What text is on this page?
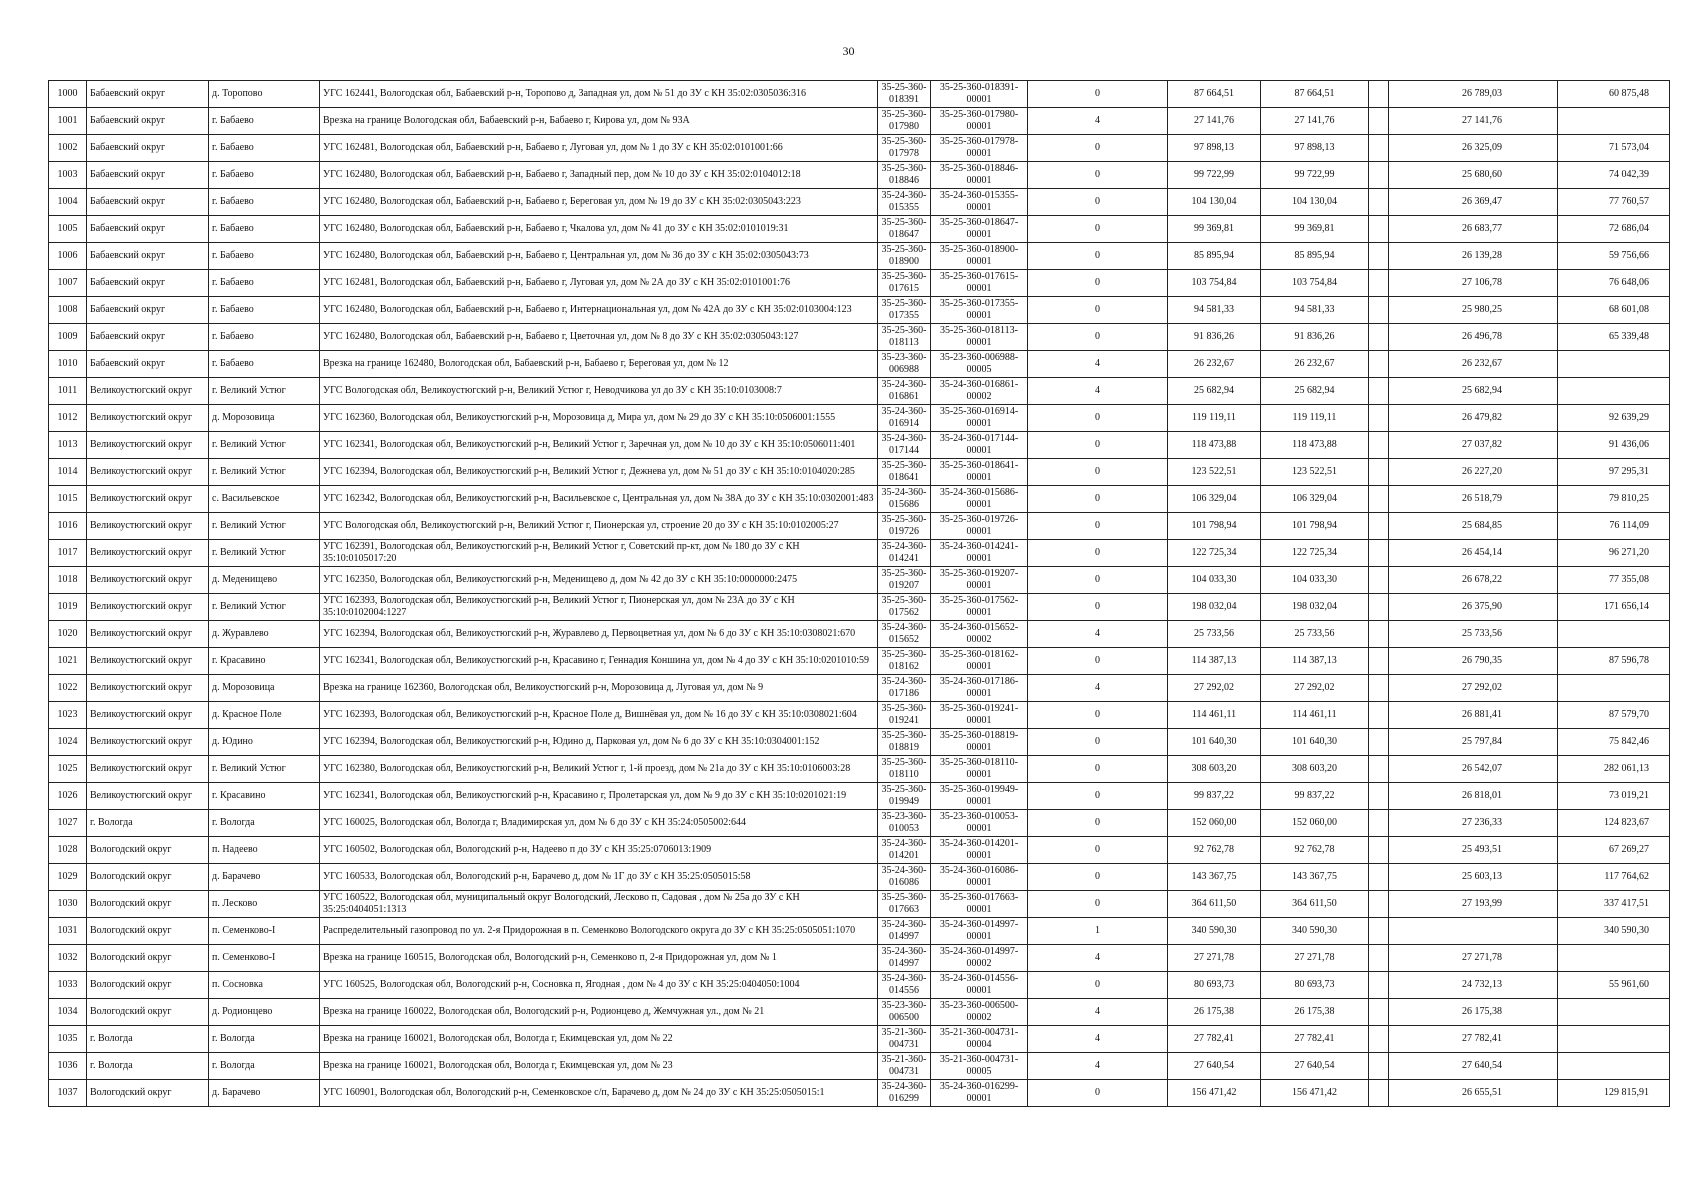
30
1000	Бабаевский округ	д. Торопово	УГС 162441, Вологодская обл, Бабаевский р-н, Торопово д, Западная ул, дом № 51 до ЗУ с КН 35:02:0305036:316	35-25-360-018391	35-25-360-018391-00001	0	87 664,51	87 664,51		26 789,03	60 875,48
1001	Бабаевский округ	г. Бабаево	Врезка на границе Вологодская обл, Бабаевский р-н, Бабаево г, Кирова ул, дом № 93А	35-25-360-017980	35-25-360-017980-00001	4	27 141,76	27 141,76		27 141,76	
1002	Бабаевский округ	г. Бабаево	УГС 162481, Вологодская обл, Бабаевский р-н, Бабаево г, Луговая ул, дом № 1 до ЗУ с КН 35:02:0101001:66	35-25-360-017978	35-25-360-017978-00001	0	97 898,13	97 898,13		26 325,09	71 573,04
1003	Бабаевский округ	г. Бабаево	УГС 162480, Вологодская обл, Бабаевский р-н, Бабаево г, Западный пер, дом № 10 до ЗУ с КН 35:02:0104012:18	35-25-360-018846	35-25-360-018846-00001	0	99 722,99	99 722,99		25 680,60	74 042,39
1004	Бабаевский округ	г. Бабаево	УГС 162480, Вологодская обл, Бабаевский р-н, Бабаево г, Береговая ул, дом № 19 до ЗУ с КН 35:02:0305043:223	35-24-360-015355	35-24-360-015355-00001	0	104 130,04	104 130,04		26 369,47	77 760,57
1005	Бабаевский округ	г. Бабаево	УГС 162480, Вологодская обл, Бабаевский р-н, Бабаево г, Чкалова ул, дом № 41 до ЗУ с КН 35:02:0101019:31	35-25-360-018647	35-25-360-018647-00001	0	99 369,81	99 369,81		26 683,77	72 686,04
1006	Бабаевский округ	г. Бабаево	УГС 162480, Вологодская обл, Бабаевский р-н, Бабаево г, Центральная ул, дом № 36 до ЗУ с КН 35:02:0305043:73	35-25-360-018900	35-25-360-018900-00001	0	85 895,94	85 895,94		26 139,28	59 756,66
1007	Бабаевский округ	г. Бабаево	УГС 162481, Вологодская обл, Бабаевский р-н, Бабаево г, Луговая ул, дом № 2А до ЗУ с КН 35:02:0101001:76	35-25-360-017615	35-25-360-017615-00001	0	103 754,84	103 754,84		27 106,78	76 648,06
1008	Бабаевский округ	г. Бабаево	УГС 162480, Вологодская обл, Бабаевский р-н, Бабаево г, Интернациональная ул, дом № 42А до ЗУ с КН 35:02:0103004:123	35-25-360-017355	35-25-360-017355-00001	0	94 581,33	94 581,33		25 980,25	68 601,08
1009	Бабаевский округ	г. Бабаево	УГС 162480, Вологодская обл, Бабаевский р-н, Бабаево г, Цветочная ул, дом № 8 до ЗУ с КН 35:02:0305043:127	35-25-360-018113	35-25-360-018113-00001	0	91 836,26	91 836,26		26 496,78	65 339,48
1010	Бабаевский округ	г. Бабаево	Врезка на границе 162480, Вологодская обл, Бабаевский р-н, Бабаево г, Береговая ул, дом № 12	35-23-360-006988	35-23-360-006988-00005	4	26 232,67	26 232,67		26 232,67	
1011	Великоустюгский округ	г. Великий Устюг	УГС Вологодская обл, Великоустюгский р-н, Великий Устюг г, Неводчикова ул до ЗУ с КН 35:10:0103008:7	35-24-360-016861	35-24-360-016861-00002	4	25 682,94	25 682,94		25 682,94	
1012	Великоустюгский округ	д. Морозовица	УГС 162360, Вологодская обл, Великоустюгский р-н, Морозовица д, Мира ул, дом № 29 до ЗУ с КН 35:10:0506001:1555	35-24-360-016914	35-25-360-016914-00001	0	119 119,11	119 119,11		26 479,82	92 639,29
1013	Великоустюгский округ	г. Великий Устюг	УГС 162341, Вологодская обл, Великоустюгский р-н, Великий Устюг г, Заречная ул, дом № 10 до ЗУ с КН 35:10:0506011:401	35-24-360-017144	35-24-360-017144-00001	0	118 473,88	118 473,88		27 037,82	91 436,06
1014	Великоустюгский округ	г. Великий Устюг	УГС 162394, Вологодская обл, Великоустюгский р-н, Великий Устюг г, Дежнева ул, дом № 51 до ЗУ с КН 35:10:0104020:285	35-25-360-018641	35-25-360-018641-00001	0	123 522,51	123 522,51		26 227,20	97 295,31
1015	Великоустюгский округ	с. Васильевское	УГС 162342, Вологодская обл, Великоустюгский р-н, Васильевское с, Центральная ул, дом № 38А до ЗУ с КН 35:10:0302001:483	35-24-360-015686	35-24-360-015686-00001	0	106 329,04	106 329,04		26 518,79	79 810,25
1016	Великоустюгский округ	г. Великий Устюг	УГС Вологодская обл, Великоустюгский р-н, Великий Устюг г, Пионерская ул, строение 20 до ЗУ с КН 35:10:0102005:27	35-25-360-019726	35-25-360-019726-00001	0	101 798,94	101 798,94		25 684,85	76 114,09
1017	Великоустюгский округ	г. Великий Устюг	УГС 162391, Вологодская обл, Великоустюгский р-н, Великий Устюг г, Советский пр-кт, дом № 180 до ЗУ с КН 35:10:0105017:20	35-24-360-014241	35-24-360-014241-00001	0	122 725,34	122 725,34		26 454,14	96 271,20
1018	Великоустюгский округ	д. Меденищево	УГС 162350, Вологодская обл, Великоустюгский р-н, Меденищево д, дом № 42 до ЗУ с КН 35:10:0000000:2475	35-25-360-019207	35-25-360-019207-00001	0	104 033,30	104 033,30		26 678,22	77 355,08
1019	Великоустюгский округ	г. Великий Устюг	УГС 162393, Вологодская обл, Великоустюгский р-н, Великий Устюг г, Пионерская ул, дом № 23А до ЗУ с КН 35:10:0102004:1227	35-25-360-017562	35-25-360-017562-00001	0	198 032,04	198 032,04		26 375,90	171 656,14
1020	Великоустюгский округ	д. Журавлево	УГС 162394, Вологодская обл, Великоустюгский р-н, Журавлево д, Первоцветная ул, дом № 6 до ЗУ с КН 35:10:0308021:670	35-24-360-015652	35-24-360-015652-00002	4	25 733,56	25 733,56		25 733,56	
1021	Великоустюгский округ	г. Красавино	УГС 162341, Вологодская обл, Великоустюгский р-н, Красавино г, Геннадия Коншина ул, дом № 4 до ЗУ с КН 35:10:0201010:59	35-25-360-018162	35-25-360-018162-00001	0	114 387,13	114 387,13		26 790,35	87 596,78
1022	Великоустюгский округ	д. Морозовица	Врезка на границе 162360, Вологодская обл, Великоустюгский р-н, Морозовица д, Луговая ул, дом № 9	35-24-360-017186	35-24-360-017186-00001	4	27 292,02	27 292,02		27 292,02	
1023	Великоустюгский округ	д. Красное Поле	УГС 162393, Вологодская обл, Великоустюгский р-н, Красное Поле д, Вишнёвая ул, дом № 16 до ЗУ с КН 35:10:0308021:604	35-25-360-019241	35-25-360-019241-00001	0	114 461,11	114 461,11		26 881,41	87 579,70
1024	Великоустюгский округ	д. Юдино	УГС 162394, Вологодская обл, Великоустюгский р-н, Юдино д, Парковая ул, дом № 6 до ЗУ с КН 35:10:0304001:152	35-25-360-018819	35-25-360-018819-00001	0	101 640,30	101 640,30		25 797,84	75 842,46
1025	Великоустюгский округ	г. Великий Устюг	УГС 162380, Вологодская обл, Великоустюгский р-н, Великий Устюг г, 1-й проезд, дом № 21а до ЗУ с КН 35:10:0106003:28	35-25-360-018110	35-25-360-018110-00001	0	308 603,20	308 603,20		26 542,07	282 061,13
1026	Великоустюгский округ	г. Красавино	УГС 162341, Вологодская обл, Великоустюгский р-н, Красавино г, Пролетарская ул, дом № 9 до ЗУ с КН 35:10:0201021:19	35-25-360-019949	35-25-360-019949-00001	0	99 837,22	99 837,22		26 818,01	73 019,21
1027	г. Вологда	г. Вологда	УГС 160025, Вологодская обл, Вологда г, Владимирская ул, дом № 6 до ЗУ с КН 35:24:0505002:644	35-23-360-010053	35-23-360-010053-00001	0	152 060,00	152 060,00		27 236,33	124 823,67
1028	Вологодский округ	п. Надеево	УГС 160502, Вологодская обл, Вологодский р-н, Надеево п до ЗУ с КН 35:25:0706013:1909	35-24-360-014201	35-24-360-014201-00001	0	92 762,78	92 762,78		25 493,51	67 269,27
1029	Вологодский округ	д. Барачево	УГС 160533, Вологодская обл, Вологодский р-н, Барачево д, дом № 1Г до ЗУ с КН 35:25:0505015:58	35-24-360-016086	35-24-360-016086-00001	0	143 367,75	143 367,75		25 603,13	117 764,62
1030	Вологодский округ	п. Лесково	УГС 160522, Вологодская обл, муниципальный округ Вологодский, Лесково п, Садовая , дом № 25а до ЗУ с КН 35:25:0404051:1313	35-25-360-017663	35-25-360-017663-00001	0	364 611,50	364 611,50		27 193,99	337 417,51
1031	Вологодский округ	п. Семенково-I	Распределительный газопровод по ул. 2-я Придорожная в п. Семенково Вологодского округа до ЗУ с КН 35:25:0505051:1070	35-24-360-014997	35-24-360-014997-00001	1	340 590,30	340 590,30			340 590,30
1032	Вологодский округ	п. Семенково-I	Врезка на границе 160515, Вологодская обл, Вологодский р-н, Семенково п, 2-я Придорожная ул, дом № 1	35-24-360-014997	35-24-360-014997-00002	4	27 271,78	27 271,78		27 271,78	
1033	Вологодский округ	п. Сосновка	УГС 160525, Вологодская обл, Вологодский р-н, Сосновка п, Ягодная , дом № 4 до ЗУ с КН 35:25:0404050:1004	35-24-360-014556	35-24-360-014556-00001	0	80 693,73	80 693,73		24 732,13	55 961,60
1034	Вологодский округ	д. Родионцево	Врезка на границе 160022, Вологодская обл, Вологодский р-н, Родионцево д, Жемчужная ул., дом № 21	35-23-360-006500	35-23-360-006500-00002	4	26 175,38	26 175,38		26 175,38	
1035	г. Вологда	г. Вологда	Врезка на границе 160021, Вологодская обл, Вологда г, Екимцевская ул, дом № 22	35-21-360-004731	35-21-360-004731-00004	4	27 782,41	27 782,41		27 782,41	
1036	г. Вологда	г. Вологда	Врезка на границе 160021, Вологодская обл, Вологда г, Екимцевская ул, дом № 23	35-21-360-004731	35-21-360-004731-00005	4	27 640,54	27 640,54		27 640,54	
1037	Вологодский округ	д. Барачево	УГС 160901, Вологодская обл, Вологодский р-н, Семенковское с/п, Барачево д, дом № 24 до ЗУ с КН 35:25:0505015:1	35-24-360-016299	35-24-360-016299-00001	0	156 471,42	156 471,42		26 655,51	129 815,91
